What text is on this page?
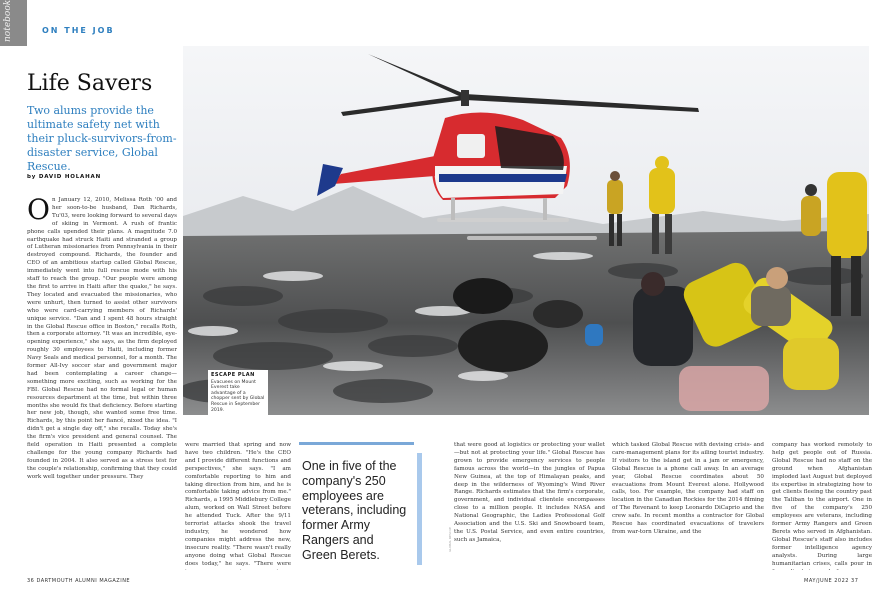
notebook	ON THE JOB
Life Savers
Two alums provide the ultimate safety net with their pluck-survivors-from-disaster service, Global Rescue.
by DAVID HOLAHAN
On January 12, 2010, Melissa Roth '00 and her soon-to-be husband, Dan Richards, Tu'03, were looking forward to several days of skiing in Vermont. A rush of frantic phone calls upended their plans. A magnitude 7.0 earthquake had struck Haiti and stranded a group of Lutheran missionaries from Pennsylvania in their destroyed compound. Richards, the founder and CEO of an ambitious startup called Global Rescue, immediately went into full rescue mode with his staff to reach the group. "Our people were among the first to arrive in Haiti after the quake," he says. They located and evacuated the missionaries, who were unhurt, then turned to assist other survivors who were card-carrying members of Richards' unique service. "Dan and I spent 48 hours straight in the Global Rescue office in Boston," recalls Roth, then a corporate attorney. "It was an incredible, eye-opening experience," she says, as the firm deployed roughly 30 employees to Haiti, including former Navy Seals and medical personnel, for a month. The former All-Ivy soccer star and government major had been contemplating a career change—something more exciting, such as working for the FBI. Global Rescue had no formal legal or human resources department at the time, but within three months she would fix that deficiency. Before starting her new job, though, she wanted some free time. Richards, by this point her fiancé, nixed the idea. "I didn't get a single day off," she recalls. Today she's the firm's vice president and general counsel. The field operation in Haiti presented a complete challenge for the young company Richards had founded in 2004. It also served as a stress test for the couple's relationship, confirming that they could work well together under pressure. They
ESCAPE PLAN
Evacuees on Mount Everest take advantage of a chopper sent by Global Rescue in September 2019.

were married that spring and now have two children. "He's the CEO and I provide different functions and perspectives," she says. "I am comfortable reporting to him and taking direction from him, and he is comfortable taking advice from me." Richards, a 1995 Middlebury College alum, worked on Wall Street before he attended Tuck. After the 9/11 terrorist attacks shook the travel industry, he wondered how companies might address the new, insecure reality. "There wasn't really anyone doing what Global Rescue does today," he says. "There were

One in five of the company's 250 employees are veterans, including former Army Rangers and Green Berets.
GLOBAL RESCUE

that were good at logistics or protecting your wallet—but not at protecting your life." Global Rescue has grown to provide emergency services to people famous across the world—in the jungles of Papua New Guinea, at the top of Himalayan peaks, and deep in the wilderness of Wyoming's Wind River Range. Richards estimates that the firm's corporate, government, and individual clientele encompasses close to a million people. It includes NASA and National Geographic, the Ladies Professional Golf Association and the U.S. Ski and Snowboard team, the U.S. Postal Service, and even entire countries, such as Jamaica,

which tasked Global Rescue with devising crisis- and care-management plans for its ailing tourist industry. If visitors to the island get in a jam or emergency, Global Rescue is a phone call away. In an average year, Global Rescue coordinates about 50 evacuations from Mount Everest alone. Hollywood calls, too. For example, the company had staff on location in the Canadian Rockies for the 2014 filming of The Revenant to keep Leonardo DiCaprio and the crew safe. In recent months a contractor for Global Rescue has coordinated evacuations of travelers from war-torn Ukraine, and the

company has worked remotely to help get people out of Russia. Global Rescue had no staff on the ground when Afghanistan imploded last August but deployed its expertise in strategizing how to get clients fleeing the country past the Taliban to the airport. One in five of the company's 250 employees are veterans, including former Army Rangers and Green Berets who served in Afghanistan. Global Rescue's staff also includes former intelligence agency analysts. During large humanitarian crises, calls pour in

36 DARTMOUTH ALUMNI MAGAZINE	MAY/JUNE 2022 37
